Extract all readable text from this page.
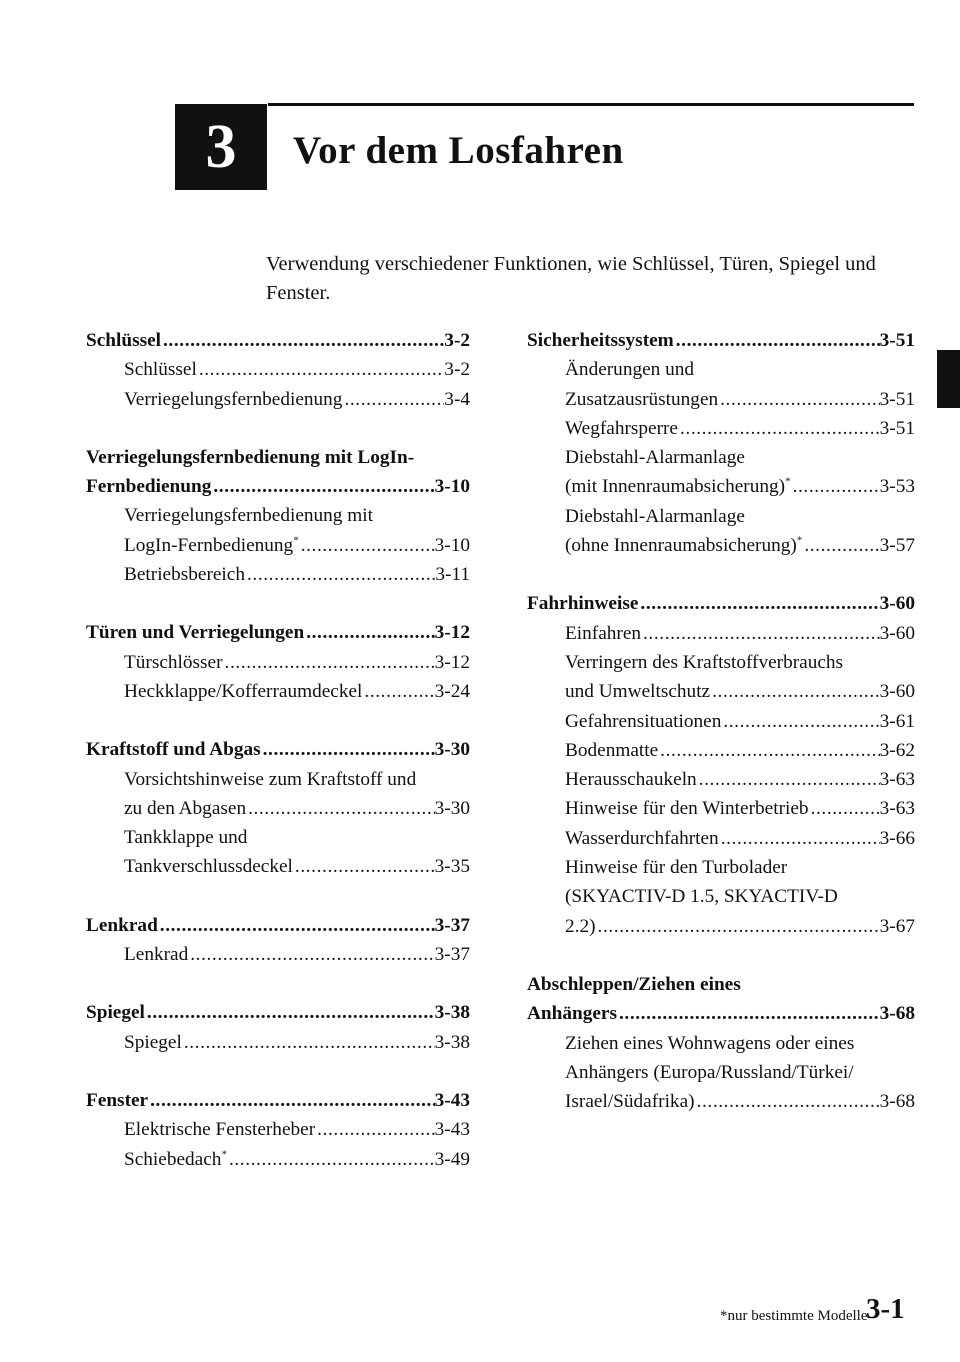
3 Vor dem Losfahren
Verwendung verschiedener Funktionen, wie Schlüssel, Türen, Spiegel und Fenster.
Schlüssel .....	3-2
Schlüssel .....	3-2
Verriegelungsfernbedienung .....	3-4
Verriegelungsfernbedienung mit LogIn-
Fernbedienung .....	3-10
Verriegelungsfernbedienung mit
LogIn-Fernbedienung* .....	3-10
Betriebsbereich .....	3-11
Türen und Verriegelungen .....	3-12
Türschlösser .....	3-12
Heckklappe/Kofferraumdeckel .....	3-24
Kraftstoff und Abgas .....	3-30
Vorsichtshinweise zum Kraftstoff und
zu den Abgasen .....	3-30
Tankklappe und
Tankverschlussdeckel .....	3-35
Lenkrad .....	3-37
Lenkrad .....	3-37
Spiegel .....	3-38
Spiegel .....	3-38
Fenster .....	3-43
Elektrische Fensterheber .....	3-43
Schiebedach* .....	3-49
Sicherheitssystem .....	3-51
Änderungen und
Zusatzausrüstungen .....	3-51
Wegfahrsperre .....	3-51
Diebstahl-Alarmanlage
(mit Innenraumabsicherung)* .....	3-53
Diebstahl-Alarmanlage
(ohne Innenraumabsicherung)* .....	3-57
Fahrhinweise .....	3-60
Einfahren .....	3-60
Verringern des Kraftstoffverbrauchs
und Umweltschutz .....	3-60
Gefahrensituationen .....	3-61
Bodenmatte .....	3-62
Herausschaukeln .....	3-63
Hinweise für den Winterbetrieb .....	3-63
Wasserdurchfahrten .....	3-66
Hinweise für den Turbolader
(SKYACTIV-D 1.5, SKYACTIV-D
2.2) .....	3-67
Abschleppen/Ziehen eines
Anhängers .....	3-68
Ziehen eines Wohnwagens oder eines
Anhängers (Europa/Russland/Türkei/
Israel/Südafrika) .....	3-68
*nur bestimmte Modelle
3-1
